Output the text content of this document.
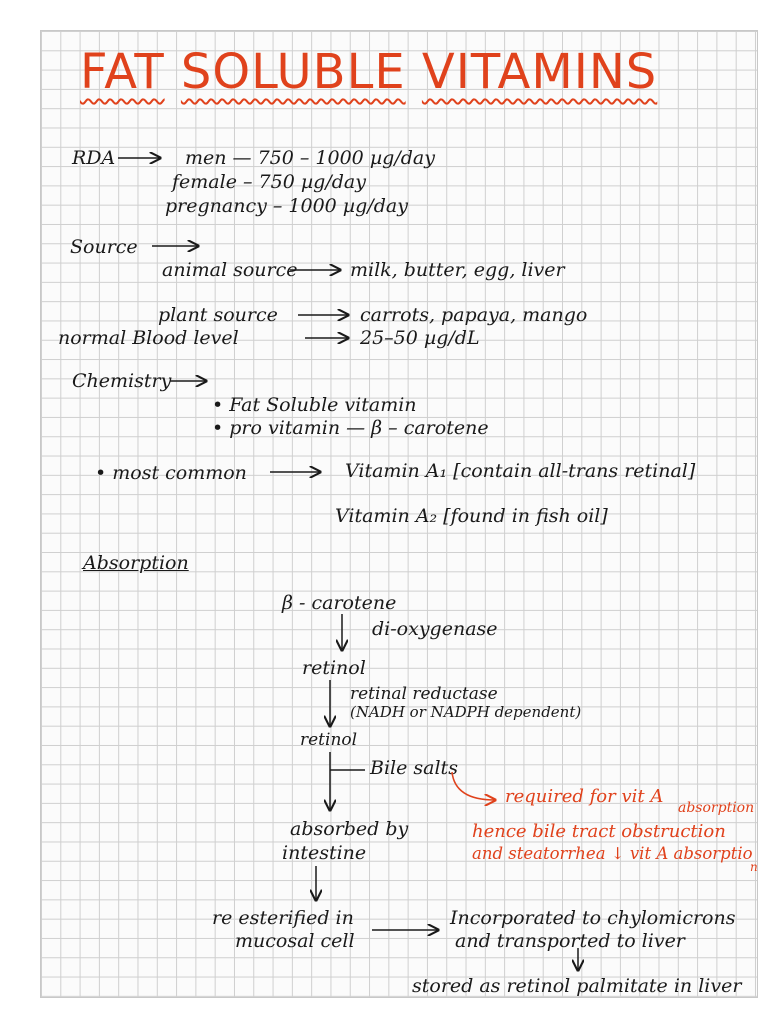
FAT SOLUBLE VITAMINS
RDA	men — 750 – 1000 µg/day
female – 750 µg/day
pregnancy – 1000 µg/day
Source
animal source	milk, butter, egg, liver
plant source	carrots, papaya, mango
normal Blood level	25–50 µg/dL
Chemistry
• Fat Soluble vitamin
• pro vitamin — β – carotene
• most common	Vitamin A₁ [contain all-trans retinal]
Vitamin A₂ [found in fish oil]
Absorption
β - carotene
di-oxygenase
retinol
retinal reductase
(NADH or NADPH dependent)
retinol
Bile salts
absorbed by
intestine
re esterified in
mucosal cell
Incorporated to chylomicrons
and transported to liver
stored as retinol palmitate in liver
required for vit A
absorption
hence bile tract obstruction
and steatorrhea ↓ vit A absorptio
n
